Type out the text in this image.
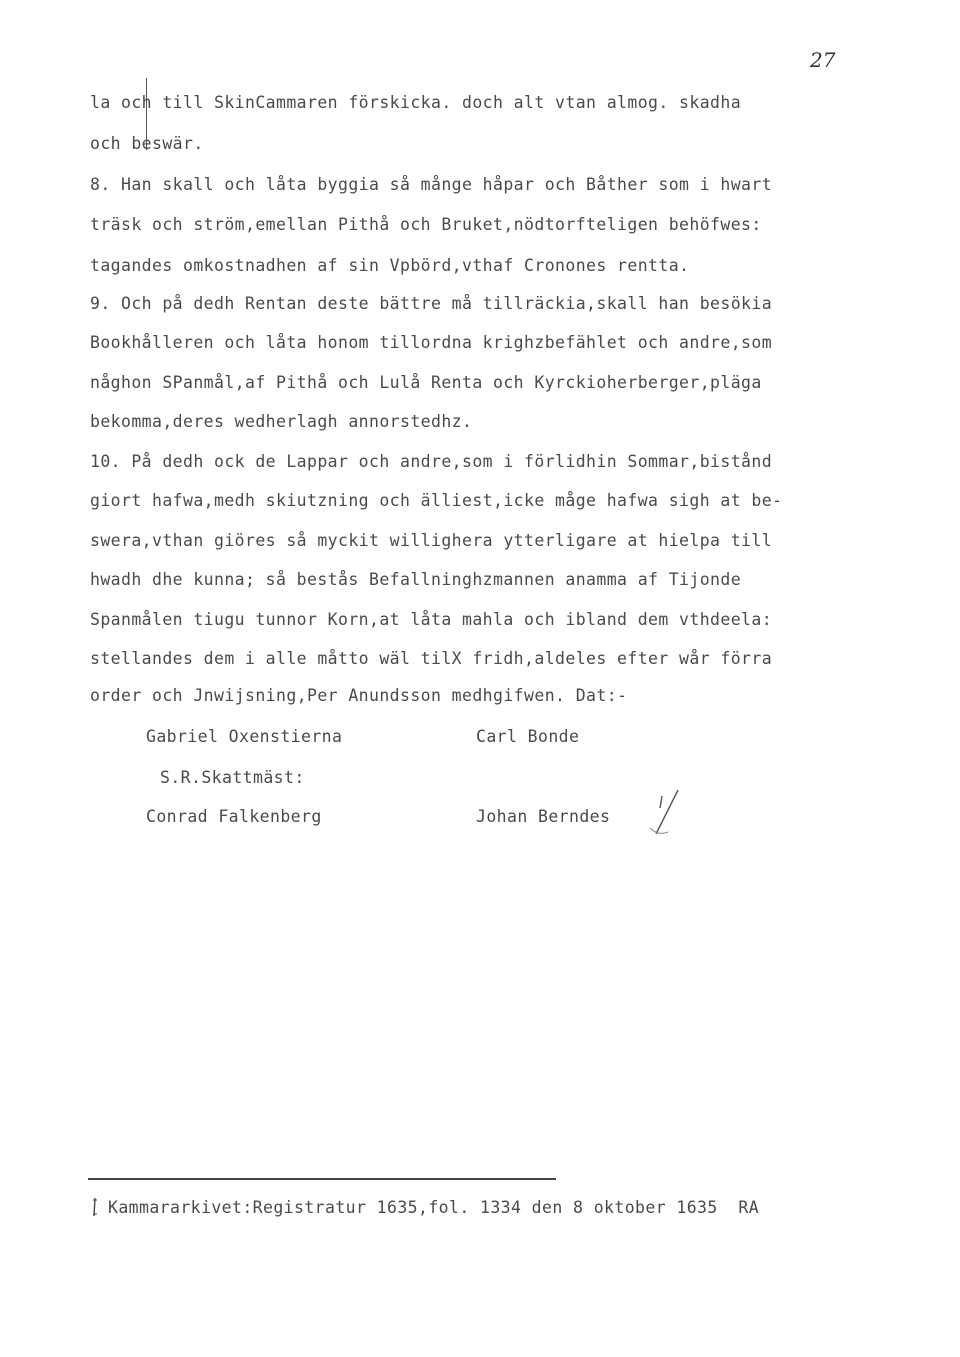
27
la och till SkinCammaren förskicka. doch alt vtan almog. skadha
och beswär.
8. Han skall och låta byggia så månge håpar och Båther som i hwart
träsk och ström,emellan Pithå och Bruket,nödtorfteligen behöfwes:
tagandes omkostnadhen af sin Vpbörd,vthaf Cronones rentta.
9. Och på dedh Rentan deste bättre må tillräckia,skall han besökia
Bookhålleren och låta honom tillordna krighzbefählet och andre,som
någhon SPanmål,af Pithå och Lulå Renta och Kyrckioherberger,pläga
bekomma,deres wedherlagh annorstedhz.
10. På dedh ock de Lappar och andre,som i förlidhin Sommar,bistånd
giort hafwa,medh skiutzning och älliest,icke måge hafwa sigh at be-
swera,vthan giöres så myckit willighera ytterligare at hielpa till
hwadh dhe kunna; så bestås Befallninghzmannen anamma af Tijonde
Spanmålen tiugu tunnor Korn,at låta mahla och ibland dem vthdeela:
stellandes dem i alle måtto wäl tilX fridh,aldeles efter wår förra
order och Jnwijsning,Per Anundsson medhgifwen. Dat:-
Gabriel Oxenstierna	Carl Bonde
S.R.Skattmäst:
Conrad Falkenberg	Johan Berndes
Kammararkivet:Registratur 1635,fol. 1334 den 8 oktober 1635  RA
